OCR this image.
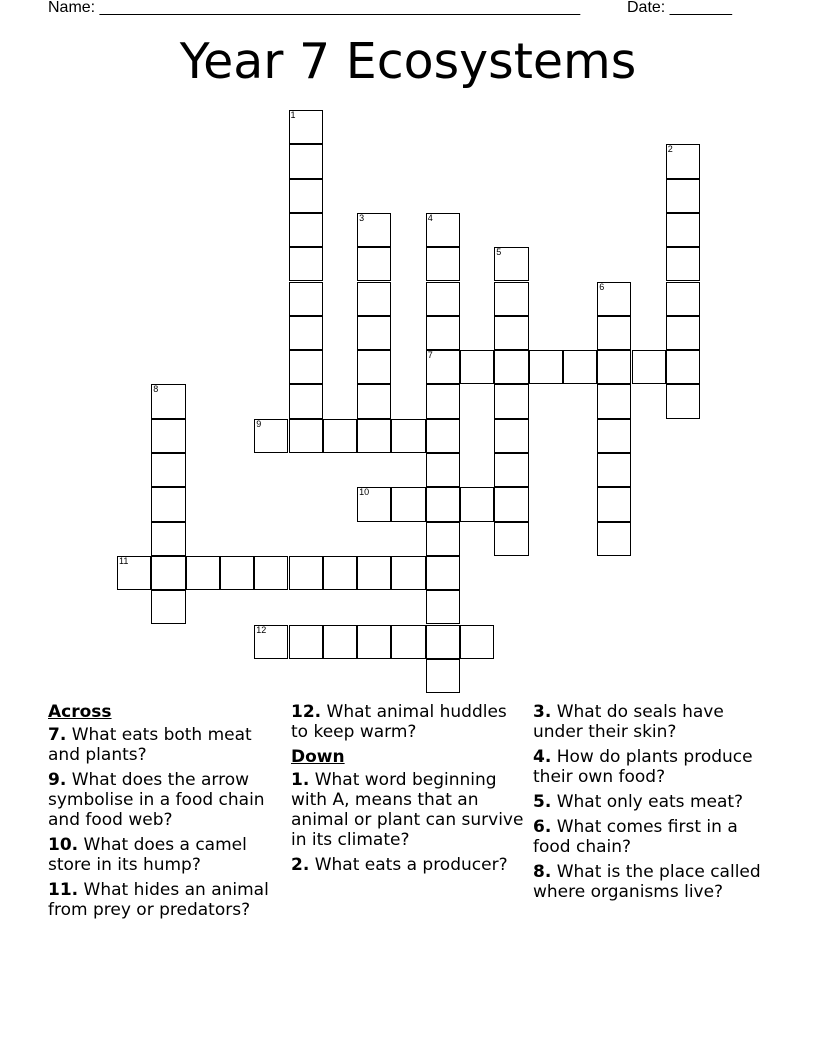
Name: ______________________________________________________	Date: _______
Year 7 Ecosystems
1
2
3	4
7
5
6
8
9
10
11
12
Across
7. What eats both meat and plants?
9. What does the arrow symbolise in a food chain and food web?
10. What does a camel store in its hump?
11. What hides an animal from prey or predators?
12. What animal huddles to keep warm?
Down
1. What word beginning with A, means that an animal or plant can survive in its climate?
2. What eats a producer?
3. What do seals have under their skin?
4. How do plants produce their own food?
5. What only eats meat?
6. What comes first in a food chain?
8. What is the place called where organisms live?
